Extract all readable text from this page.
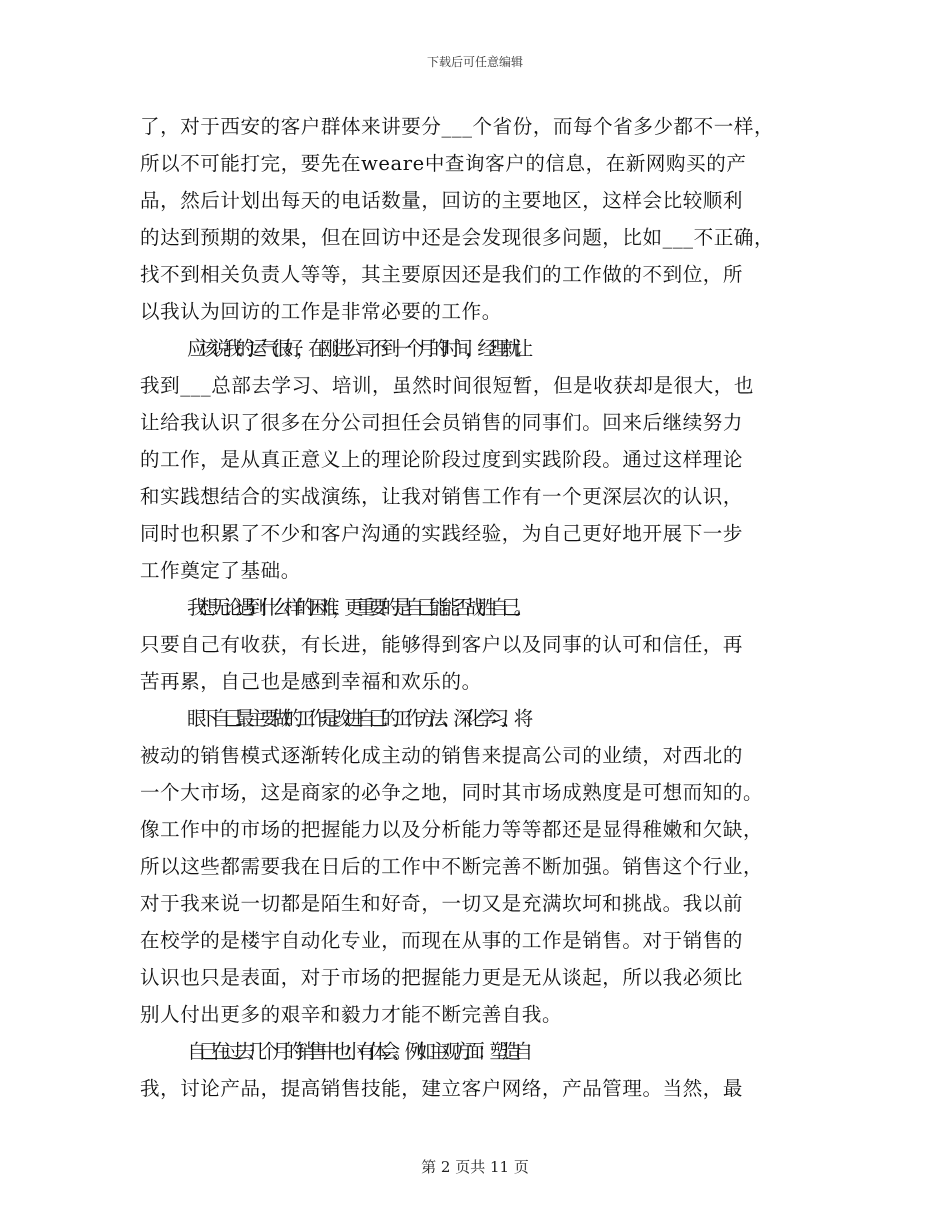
下载后可任意编辑
了，对于西安的客户群体来讲要分___个省份，而每个省多少都不一样，
所以不可能打完，要先在weare中查询客户的信息，在新网购买的产
品，然后计划出每天的电话数量，回访的主要地区，这样会比较顺利
的达到预期的效果，但在回访中还是会发现很多问题，比如___不正确，
找不到相关负责人等等，其主要原因还是我们的工作做的不到位，所
以我认为回访的工作是非常必要的工作。
应该说我的运气很好，在刚进公司不到一个月的时间，经理就让
我到___总部去学习、培训，虽然时间很短暂，但是收获却是很大，也
让给我认识了很多在分公司担任会员销售的同事们。回来后继续努力
的工作，是从真正意义上的理论阶段过度到实践阶段。通过这样理论
和实践想结合的实战演练，让我对销售工作有一个更深层次的认识，
同时也积累了不少和客户沟通的实践经验，为自己更好地开展下一步
工作奠定了基础。
我想无论遇到什么样的困难，更重要的是自己能能否战胜自己。
只要自己有收获，有长进，能够得到客户以及同事的认可和信任，再
苦再累，自己也是感到幸福和欢乐的。
眼下自己最主要做的工作是改进自己的工作方法、深化学习、将
被动的销售模式逐渐转化成主动的销售来提高公司的业绩，对西北的
一个大市场，这是商家的必争之地，同时其市场成熟度是可想而知的。
像工作中的市场的把握能力以及分析能力等等都还是显得稚嫩和欠缺，
所以这些都需要我在日后的工作中不断完善不断加强。销售这个行业，
对于我来说一切都是陌生和好奇，一切又是充满坎坷和挑战。我以前
在校学的是楼宇自动化专业，而现在从事的工作是销售。对于销售的
认识也只是表面，对于市场的把握能力更是无从谈起，所以我必须比
别人付出更多的艰辛和毅力才能不断完善自我。
自己在过去几个月的销售中也小有体会。例如主观方面：塑造自
我，讨论产品，提高销售技能，建立客户网络，产品管理。当然，最
第 2 页共 11 页
